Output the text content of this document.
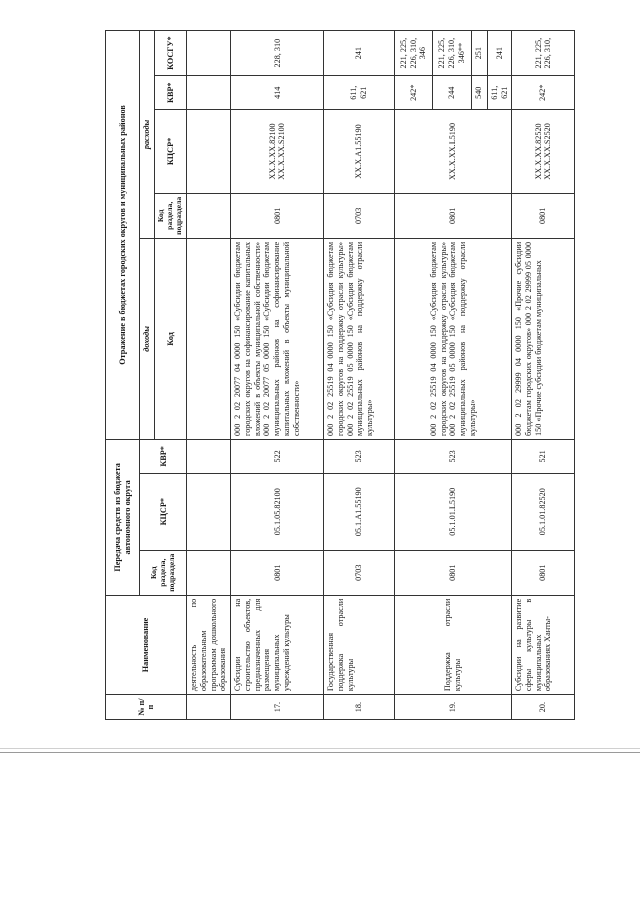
№ п/п	Наименование	Передача средств из бюджета автономного округа			Отражение в бюджетах городских округов и муниципальных районов				
		Код раздела, подраздела	КЦСР*	КВР*	доходы	расходы			
					Код	Код раздела, подраздела	КЦСР*	КВР*	КОСГУ*
	деятельность по образовательным программам дошкольного образования								
17.	Субсидии на строительство объектов, предназначенных для размещения муниципальных учреждений культуры	0801	05.1.05.82100	522	000 2 02 20077 04 0000 150 «Субсидии бюджетам городских округов на софинансирование капитальных вложений в объекты муниципальной собственности» 000 2 02 20077 05 0000 150 «Субсидии бюджетам муниципальных районов на софинансирование капитальных вложений в объекты муниципальной собственности»	0801	ХХ.Х.ХХ.82100 ХХ.Х.ХХ.S2100	414	228, 310
18.	Государственная поддержка отрасли культуры	0703	05.1.А1.55190	523	000 2 02 25519 04 0000 150 «Субсидия бюджетам городских округов на поддержку отрасли культуры» 000 2 02 25519 05 0000 150 «Субсидия бюджетам муниципальных районов на поддержку отрасли культуры»	0703	ХХ.Х.А1.55190	611, 621	241
19.	Поддержка отрасли культуры	0801	05.1.01.L5190	523	000 2 02 25519 04 0000 150 «Субсидия бюджетам городских округов на поддержку отрасли культуры» 000 2 02 25519 05 0000 150 «Субсидия бюджетам муниципальных районов на поддержку отрасли культуры»	0801	ХХ.Х.ХХ.L5190	242*	221, 225, 226, 310, 346
								244	221, 225, 226, 310, 346**
								540	251
								611, 621	241
20.	Субсидии на развитие сферы культуры в муниципальных образованиях Ханты-	0801	05.1.01.82520	521	000 2 02 29999 04 0000 150 «Прочие субсидии бюджетам городских округов» 000 2 02 29999 05 0000 150 «Прочие субсидии бюджетам муниципальных	0801	ХХ.Х.ХХ.82520 ХХ.Х.ХХ.S2520	242*	221, 225, 226, 310,
